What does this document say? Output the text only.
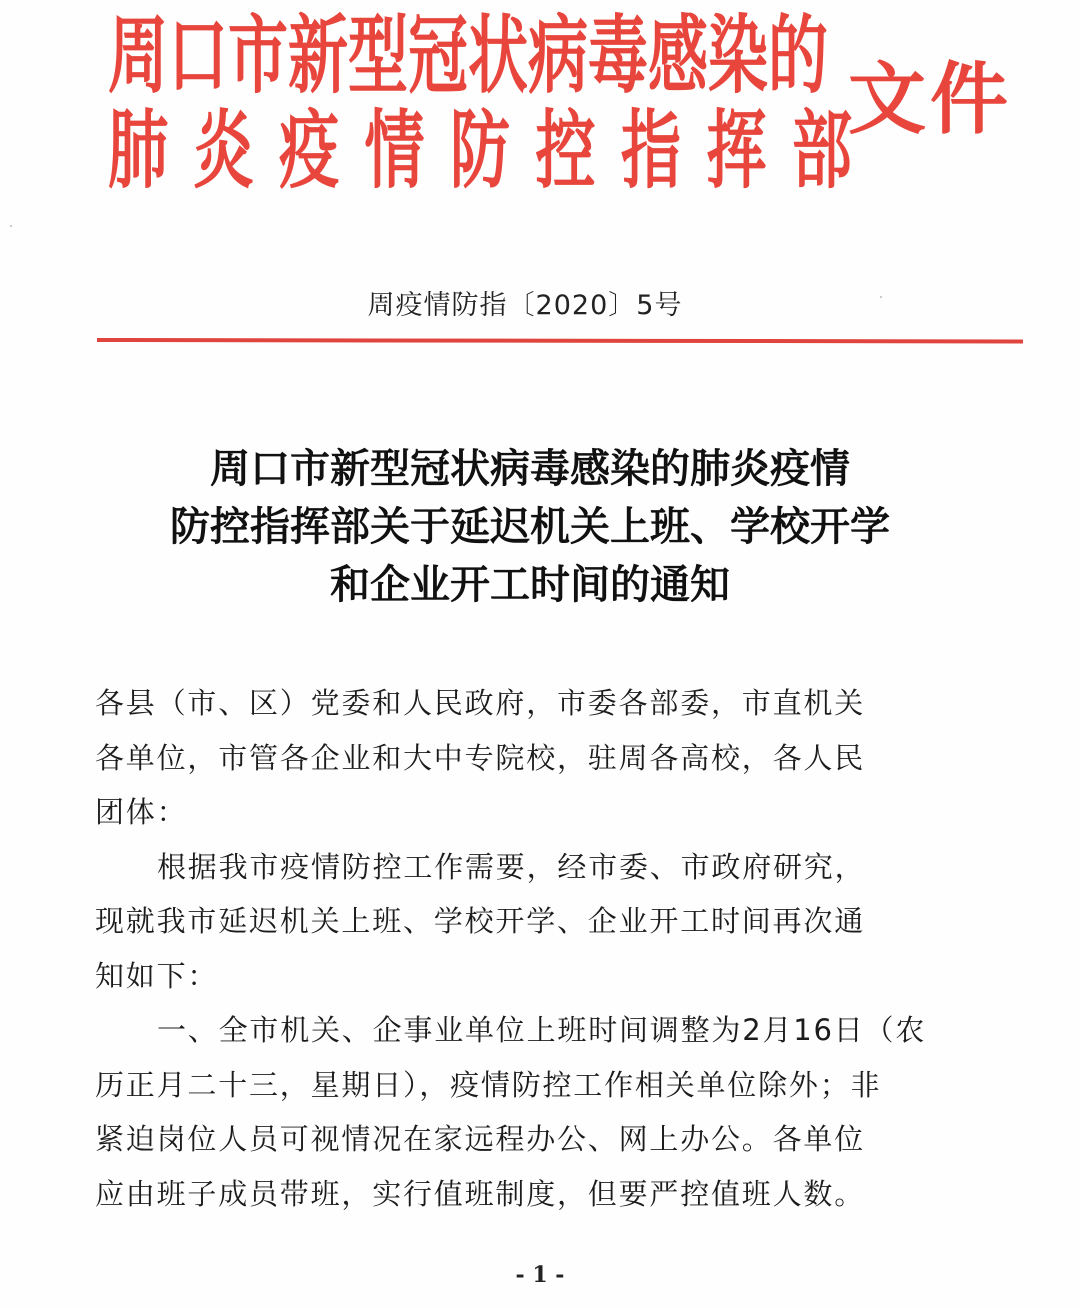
周口市新型冠状病毒感染的
肺炎疫情防控指挥部
文件
周疫情防指〔2020〕5号
周口市新型冠状病毒感染的肺炎疫情
防控指挥部关于延迟机关上班、学校开学
和企业开工时间的通知
各县（市、区）党委和人民政府，市委各部委，市直机关
各单位，市管各企业和大中专院校，驻周各高校，各人民
团体：
根据我市疫情防控工作需要，经市委、市政府研究，
现就我市延迟机关上班、学校开学、企业开工时间再次通
知如下：
一、全市机关、企事业单位上班时间调整为2月16日（农
历正月二十三，星期日），疫情防控工作相关单位除外；非
紧迫岗位人员可视情况在家远程办公、网上办公。各单位
应由班子成员带班，实行值班制度，但要严控值班人数。
- 1 -
